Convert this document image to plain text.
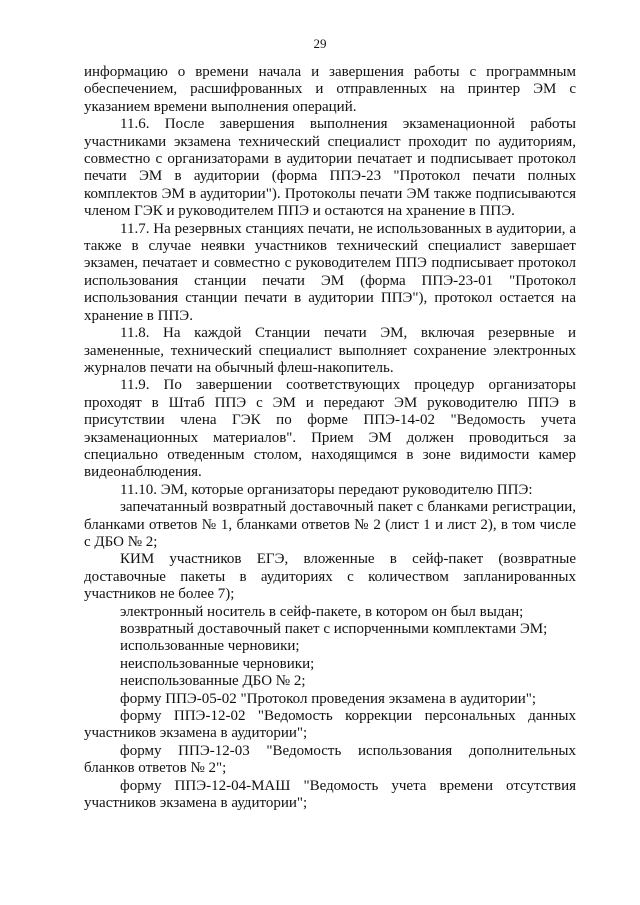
29

информацию о времени начала и завершения работы с программным обеспечением, расшифрованных и отправленных на принтер ЭМ с указанием времени выполнения операций.

11.6. После завершения выполнения экзаменационной работы участниками экзамена технический специалист проходит по аудиториям, совместно с организаторами в аудитории печатает и подписывает протокол печати ЭМ в аудитории (форма ППЭ-23 "Протокол печати полных комплектов ЭМ в аудитории"). Протоколы печати ЭМ также подписываются членом ГЭК и руководителем ППЭ и остаются на хранение в ППЭ.

11.7. На резервных станциях печати, не использованных в аудитории, а также в случае неявки участников технический специалист завершает экзамен, печатает и совместно с руководителем ППЭ подписывает протокол использования станции печати ЭМ (форма ППЭ-23-01 "Протокол использования станции печати в аудитории ППЭ"), протокол остается на хранение в ППЭ.

11.8. На каждой Станции печати ЭМ, включая резервные и замененные, технический специалист выполняет сохранение электронных журналов печати на обычный флеш-накопитель.

11.9. По завершении соответствующих процедур организаторы проходят в Штаб ППЭ с ЭМ и передают ЭМ руководителю ППЭ в присутствии члена ГЭК по форме ППЭ-14-02 "Ведомость учета экзаменационных материалов". Прием ЭМ должен проводиться за специально отведенным столом, находящимся в зоне видимости камер видеонаблюдения.

11.10. ЭМ, которые организаторы передают руководителю ППЭ:

запечатанный возвратный доставочный пакет с бланками регистрации, бланками ответов № 1, бланками ответов № 2 (лист 1 и лист 2), в том числе с ДБО № 2;

КИМ участников ЕГЭ, вложенные в сейф-пакет (возвратные доставочные пакеты в аудиториях с количеством запланированных участников не более 7);

электронный носитель в сейф-пакете, в котором он был выдан;

возвратный доставочный пакет с испорченными комплектами ЭМ;

использованные черновики;

неиспользованные черновики;

неиспользованные ДБО № 2;

форму ППЭ-05-02 "Протокол проведения экзамена в аудитории";

форму ППЭ-12-02 "Ведомость коррекции персональных данных участников экзамена в аудитории";

форму ППЭ-12-03 "Ведомость использования дополнительных бланков ответов № 2";

форму ППЭ-12-04-МАШ "Ведомость учета времени отсутствия участников экзамена в аудитории";
